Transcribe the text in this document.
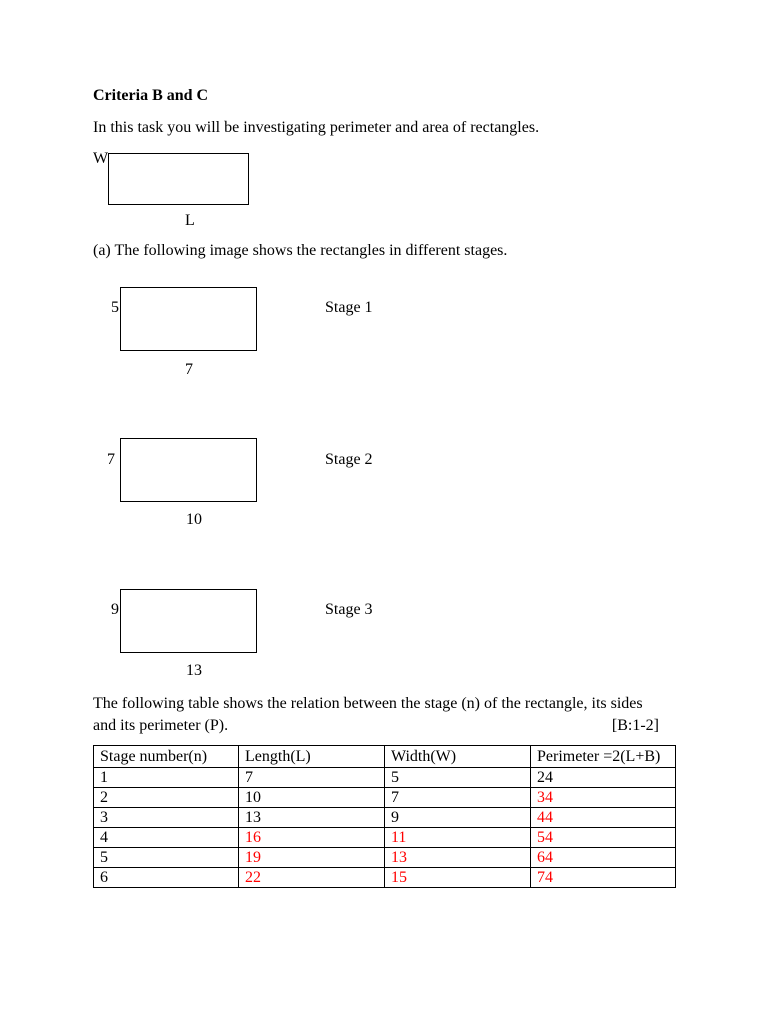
Criteria B and C
In this task you will be investigating perimeter and area of rectangles.
W
L
(a) The following image shows the rectangles in different stages.
5
7
Stage 1
7
10
Stage 2
9
13
Stage 3
The following table shows the relation between the stage (n) of the rectangle, its sides and its perimeter (P).	[B:1-2]
Stage number(n)	Length(L)	Width(W)	Perimeter =2(L+B)
1	7	5	24
2	10	7	34
3	13	9	44
4	16	11	54
5	19	13	64
6	22	15	74
